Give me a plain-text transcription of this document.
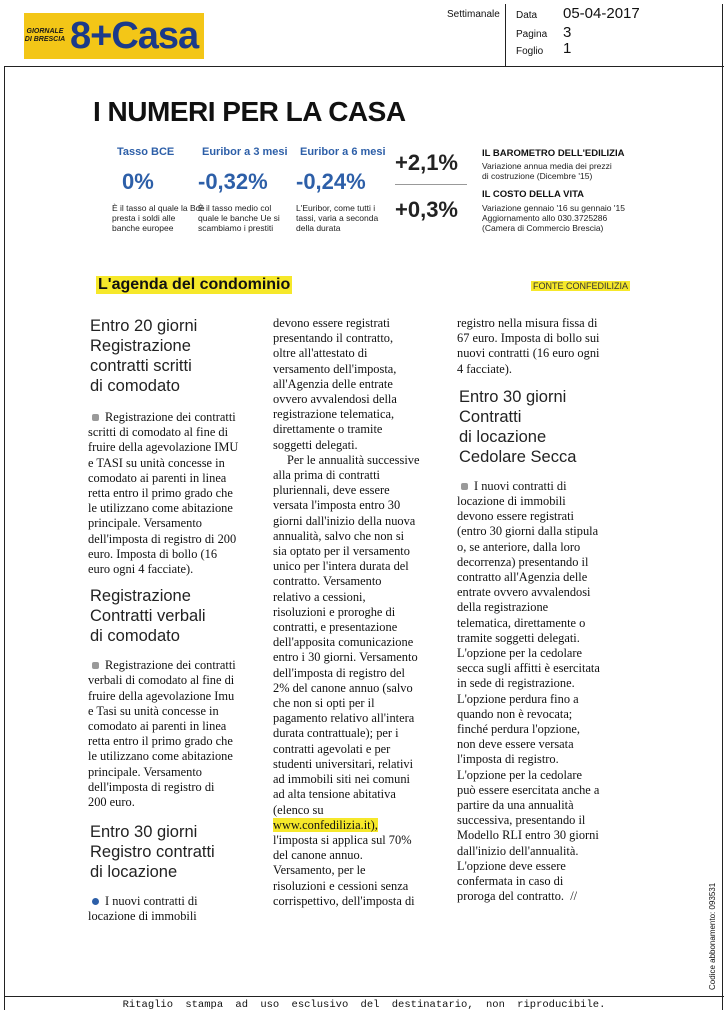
GIORNALE
DI BRESCIA 8+Casa	Settimanale Data 05-04-2017
Pagina 3
Foglio 1
I NUMERI PER LA CASA
Tasso BCE
0%
È il tasso al quale la Bce
presta i soldi alle
banche europee
Euribor a 3 mesi
-0,32%
È il tasso medio col
quale le banche Ue si
scambiamo i prestiti
Euribor a 6 mesi
-0,24%
L'Euribor, come tutti i
tassi, varia a seconda
della durata
+2,1%
+0,3%
IL BAROMETRO DELL'EDILIZIA
Variazione annua media dei prezzi
di costruzione (Dicembre '15)
IL COSTO DELLA VITA
Variazione gennaio '16 su gennaio '15
Aggiornamento allo 030.3725286
(Camera di Commercio Brescia)
L'agenda del condominio	FONTE CONFEDILIZIA
Entro 20 giorni
Registrazione
contratti scritti
di comodato
Registrazione dei contratti
scritti di comodato al fine di
fruire della agevolazione IMU
e TASI su unità concesse in
comodato ai parenti in linea
retta entro il primo grado che
le utilizzano come abitazione
principale. Versamento
dell'imposta di registro di 200
euro. Imposta di bollo (16
euro ogni 4 facciate).
Registrazione
Contratti verbali
di comodato
Registrazione dei contratti
verbali di comodato al fine di
fruire della agevolazione Imu
e Tasi su unità concesse in
comodato ai parenti in linea
retta entro il primo grado che
le utilizzano come abitazione
principale. Versamento
dell'imposta di registro di
200 euro.
Entro 30 giorni
Registro contratti
di locazione
I nuovi contratti di
locazione di immobili
devono essere registrati
presentando il contratto,
oltre all'attestato di
versamento dell'imposta,
all'Agenzia delle entrate
ovvero avvalendosi della
registrazione telematica,
direttamente o tramite
soggetti delegati.
Per le annualità successive
alla prima di contratti
pluriennali, deve essere
versata l'imposta entro 30
giorni dall'inizio della nuova
annualità, salvo che non si
sia optato per il versamento
unico per l'intera durata del
contratto. Versamento
relativo a cessioni,
risoluzioni e proroghe di
contratti, e presentazione
dell'apposita comunicazione
entro i 30 giorni. Versamento
dell'imposta di registro del
2% del canone annuo (salvo
che non si opti per il
pagamento relativo all'intera
durata contrattuale); per i
contratti agevolati e per
studenti universitari, relativi
ad immobili siti nei comuni
ad alta tensione abitativa
(elenco su
www.confedilizia.it),
l'imposta si applica sul 70%
del canone annuo.
Versamento, per le
risoluzioni e cessioni senza
corrispettivo, dell'imposta di
registro nella misura fissa di
67 euro. Imposta di bollo sui
nuovi contratti (16 euro ogni
4 facciate).
Entro 30 giorni
Contratti
di locazione
Cedolare Secca
I nuovi contratti di
locazione di immobili
devono essere registrati
(entro 30 giorni dalla stipula
o, se anteriore, dalla loro
decorrenza) presentando il
contratto all'Agenzia delle
entrate ovvero avvalendosi
della registrazione
telematica, direttamente o
tramite soggetti delegati.
L'opzione per la cedolare
secca sugli affitti è esercitata
in sede di registrazione.
L'opzione perdura fino a
quando non è revocata;
finché perdura l'opzione,
non deve essere versata
l'imposta di registro.
L'opzione per la cedolare
può essere esercitata anche a
partire da una annualità
successiva, presentando il
Modello RLI entro 30 giorni
dall'inizio dell'annualità.
L'opzione deve essere
confermata in caso di
proroga del contratto.  //
Ritaglio stampa ad uso esclusivo del destinatario, non riproducibile.
Codice abbonamento: 093531
